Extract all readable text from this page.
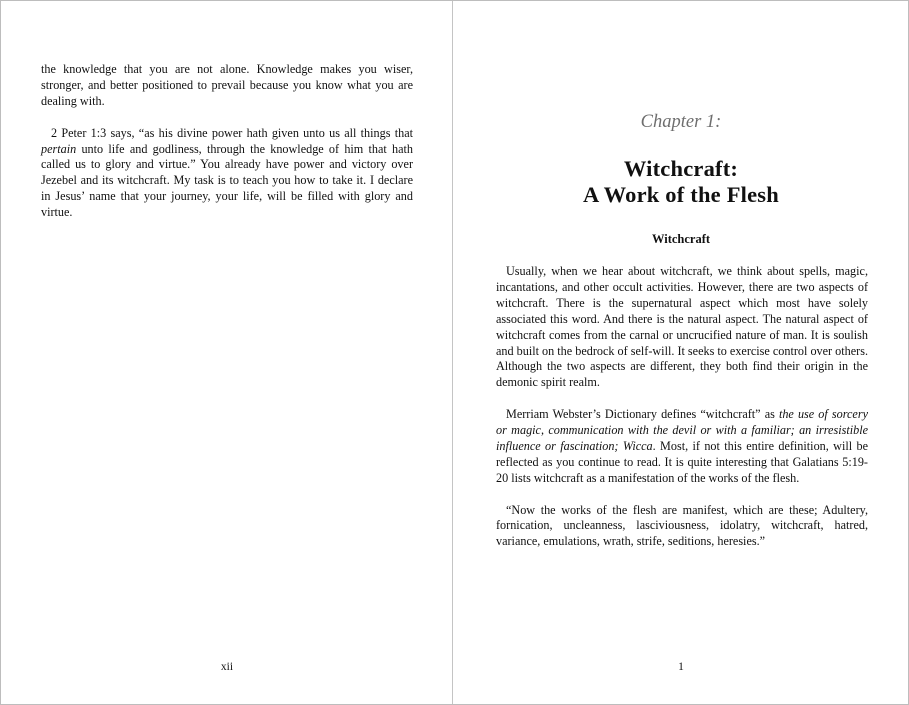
the knowledge that you are not alone. Knowledge makes you wiser, stronger, and better positioned to prevail because you know what you are dealing with.

2 Peter 1:3 says, “as his divine power hath given unto us all things that pertain unto life and godliness, through the knowledge of him that hath called us to glory and virtue.” You already have power and victory over Jezebel and its witchcraft. My task is to teach you how to take it. I declare in Jesus’ name that your journey, your life, will be filled with glory and virtue.

xii
Chapter 1:
Witchcraft:
A Work of the Flesh
Witchcraft

Usually, when we hear about witchcraft, we think about spells, magic, incantations, and other occult activities. However, there are two aspects of witchcraft. There is the supernatural aspect which most have solely associated this word. And there is the natural aspect. The natural aspect of witchcraft comes from the carnal or uncrucified nature of man. It is soulish and built on the bedrock of self-will. It seeks to exercise control over others. Although the two aspects are different, they both find their origin in the demonic spirit realm.

Merriam Webster’s Dictionary defines “witchcraft” as the use of sorcery or magic, communication with the devil or with a familiar; an irresistible influence or fascination; Wicca. Most, if not this entire definition, will be reflected as you continue to read. It is quite interesting that Galatians 5:19-20 lists witchcraft as a manifestation of the works of the flesh.

“Now the works of the flesh are manifest, which are these; Adultery, fornication, uncleanness, lasciviousness, idolatry, witchcraft, hatred, variance, emulations, wrath, strife, seditions, heresies.”

1
